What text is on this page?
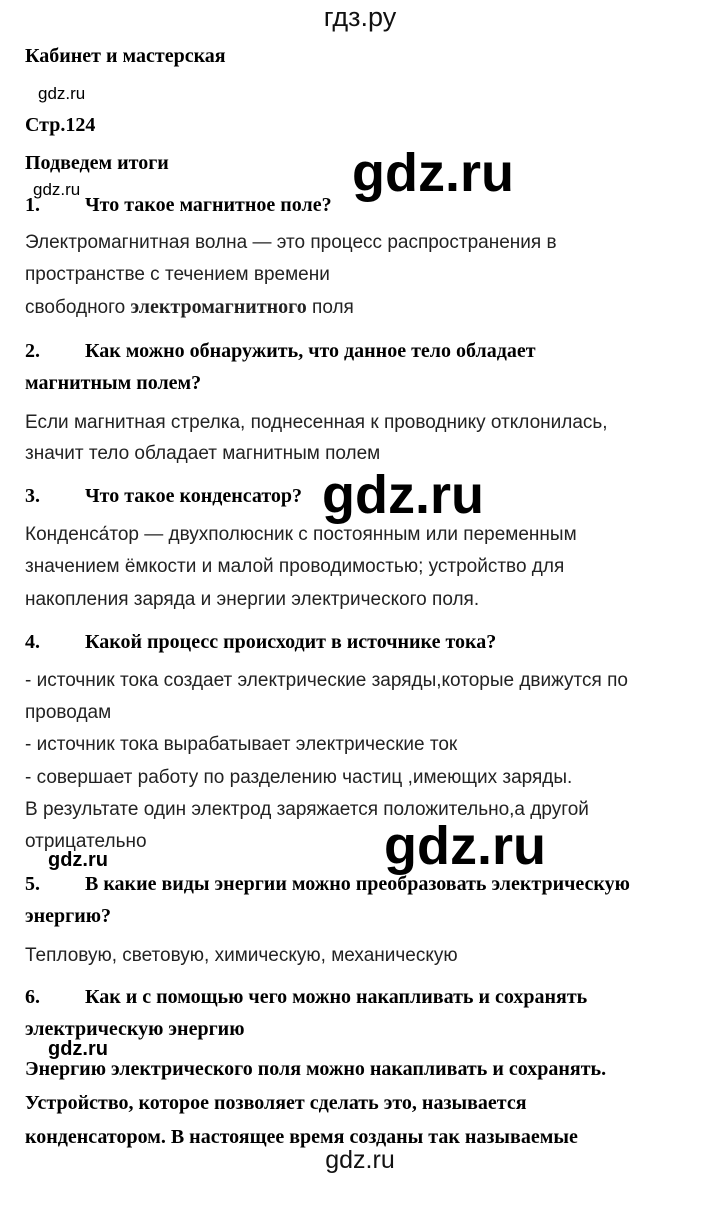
гдз.ру
Кабинет и мастерская
gdz.ru
Стр.124
Подведем итоги
gdz.ru	gdz.ru
1. Что такое магнитное поле?
Электромагнитная волна — это процесс распространения в
пространстве с течением времени
свободного электромагнитного поля
2. Как можно обнаружить, что данное тело обладает
магнитным полем?
Если магнитная стрелка, поднесенная к проводнику отклонилась,
значит тело обладает магнитным полем
3. Что такое конденсатор? gdz.ru
Конденса́тор — двухполюсник с постоянным или переменным
значением ёмкости и малой проводимостью; устройство для
накопления заряда и энергии электрического поля.
4. Какой процесс происходит в источнике тока?
- источник тока создает электрические заряды,которые движутся по
проводам
- источник тока вырабатывает электрические ток
- совершает работу по разделению частиц ,имеющих заряды.
В результате один электрод заряжается положительно,а другой
отрицательно	gdz.ru
gdz.ru
5. В какие виды энергии можно преобразовать электрическую
энергию?
Тепловую, световую, химическую, механическую
6. Как и с помощью чего можно накапливать и сохранять
электрическую энергию
gdz.ru
Энергию электрического поля можно накапливать и сохранять.
Устройство, которое позволяет сделать это, называется
конденсатором. В настоящее время созданы так называемые
gdz.ru
